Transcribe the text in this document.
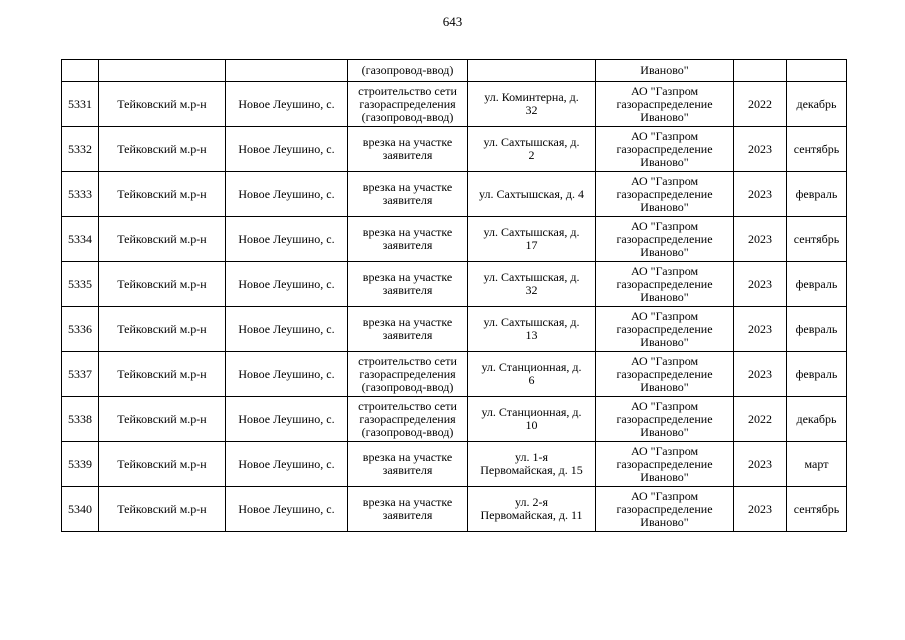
643

			(газопровод-ввод)		Иваново"		

5331	Тейковский м.р-н	Новое Леушино, с.	строительство сети
газораспределения
(газопровод-ввод)	ул. Коминтерна, д.
32	АО "Газпром
газораспределение
Иваново"	2022	декабрь
5332	Тейковский м.р-н	Новое Леушино, с.	врезка на участке
заявителя	ул. Сахтышская, д.
2	АО "Газпром
газораспределение
Иваново"	2023	сентябрь
5333	Тейковский м.р-н	Новое Леушино, с.	врезка на участке
заявителя	ул. Сахтышская, д. 4	АО "Газпром
газораспределение
Иваново"	2023	февраль
5334	Тейковский м.р-н	Новое Леушино, с.	врезка на участке
заявителя	ул. Сахтышская, д.
17	АО "Газпром
газораспределение
Иваново"	2023	сентябрь
5335	Тейковский м.р-н	Новое Леушино, с.	врезка на участке
заявителя	ул. Сахтышская, д.
32	АО "Газпром
газораспределение
Иваново"	2023	февраль
5336	Тейковский м.р-н	Новое Леушино, с.	врезка на участке
заявителя	ул. Сахтышская, д.
13	АО "Газпром
газораспределение
Иваново"	2023	февраль
5337	Тейковский м.р-н	Новое Леушино, с.	строительство сети
газораспределения
(газопровод-ввод)	ул. Станционная, д.
6	АО "Газпром
газораспределение
Иваново"	2023	февраль
5338	Тейковский м.р-н	Новое Леушино, с.	строительство сети
газораспределения
(газопровод-ввод)	ул. Станционная, д.
10	АО "Газпром
газораспределение
Иваново"	2022	декабрь
5339	Тейковский м.р-н	Новое Леушино, с.	врезка на участке
заявителя	ул. 1-я
Первомайская, д. 15	АО "Газпром
газораспределение
Иваново"	2023	март
5340	Тейковский м.р-н	Новое Леушино, с.	врезка на участке
заявителя	ул. 2-я
Первомайская, д. 11	АО "Газпром
газораспределение
Иваново"	2023	сентябрь
